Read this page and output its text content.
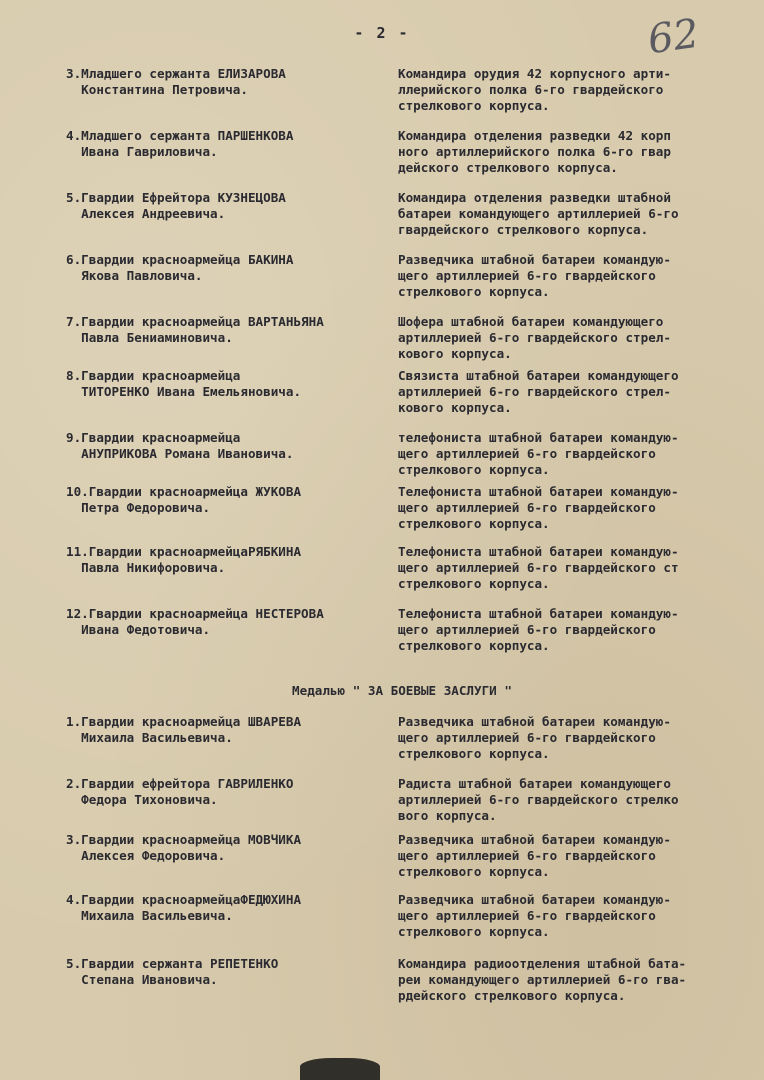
- 2 -	62
3.Младшего сержанта ЕЛИЗАРОВА
Константина Петровича.
Командира орудия 42 корпусного арти-
ллерийского полка 6-го гвардейского
стрелкового корпуса.
4.Младшего сержанта ПАРШЕНКОВА
Ивана Гавриловича.
Командира отделения разведки 42 корп
ного артиллерийского полка 6-го гвар
дейского стрелкового корпуса.
5.Гвардии Ефрейтора КУЗНЕЦОВА
Алексея Андреевича.
Командира отделения разведки штабной
батареи командующего артиллерией 6-го
гвардейского стрелкового корпуса.
6.Гвардии красноармейца БАКИНА
Якова Павловича.
Разведчика штабной батареи командую-
щего артиллерией 6-го гвардейского
стрелкового корпуса.
7.Гвардии красноармейца ВАРТАНЬЯНА
Павла Бениаминовича.
Шофера штабной батареи командующего
артиллерией 6-го гвардейского стрел-
кового корпуса.
8.Гвардии красноармейца
ТИТОРЕНКО Ивана Емельяновича.
Связиста штабной батареи командующего
артиллерией 6-го гвардейского стрел-
кового корпуса.
9.Гвардии красноармейца
АНУПРИКОВА Романа Ивановича.
телефониста штабной батареи командую-
щего артиллерией 6-го гвардейского
стрелкового корпуса.
10.Гвардии красноармейца ЖУКОВА
Петра Федоровича.
Телефониста штабной батареи командую-
щего артиллерией 6-го гвардейского
стрелкового корпуса.
11.Гвардии красноармейцаРЯБКИНА
Павла Никифоровича.
Телефониста штабной батареи командую-
щего артиллерией 6-го гвардейского ст
стрелкового корпуса.
12.Гвардии красноармейца НЕСТЕРОВА
Ивана Федотовича.
Телефониста штабной батареи командую-
щего артиллерией 6-го гвардейского
стрелкового корпуса.
Медалью " ЗА БОЕВЫЕ ЗАСЛУГИ "
1.Гвардии красноармейца ШВАРЕВА
Михаила Васильевича.
Разведчика штабной батареи командую-
щего артиллерией 6-го гвардейского
стрелкового корпуса.
2.Гвардии ефрейтора ГАВРИЛЕНКО
Федора Тихоновича.
Радиста штабной батареи командующего
артиллерией 6-го гвардейского стрелко
вого корпуса.
3.Гвардии красноармейца МОВЧИКА
Алексея Федоровича.
Разведчика штабной батареи командую-
щего артиллерией 6-го гвардейского
стрелкового корпуса.
4.Гвардии красноармейцаФЕДЮХИНА
Михаила Васильевича.
Разведчика штабной батареи командую-
щего артиллерией 6-го гвардейского
стрелкового корпуса.
5.Гвардии сержанта РЕПЕТЕНКО
Степана Ивановича.
Командира радиоотделения штабной бата-
реи командующего артиллерией 6-го гва-
рдейского стрелкового корпуса.
